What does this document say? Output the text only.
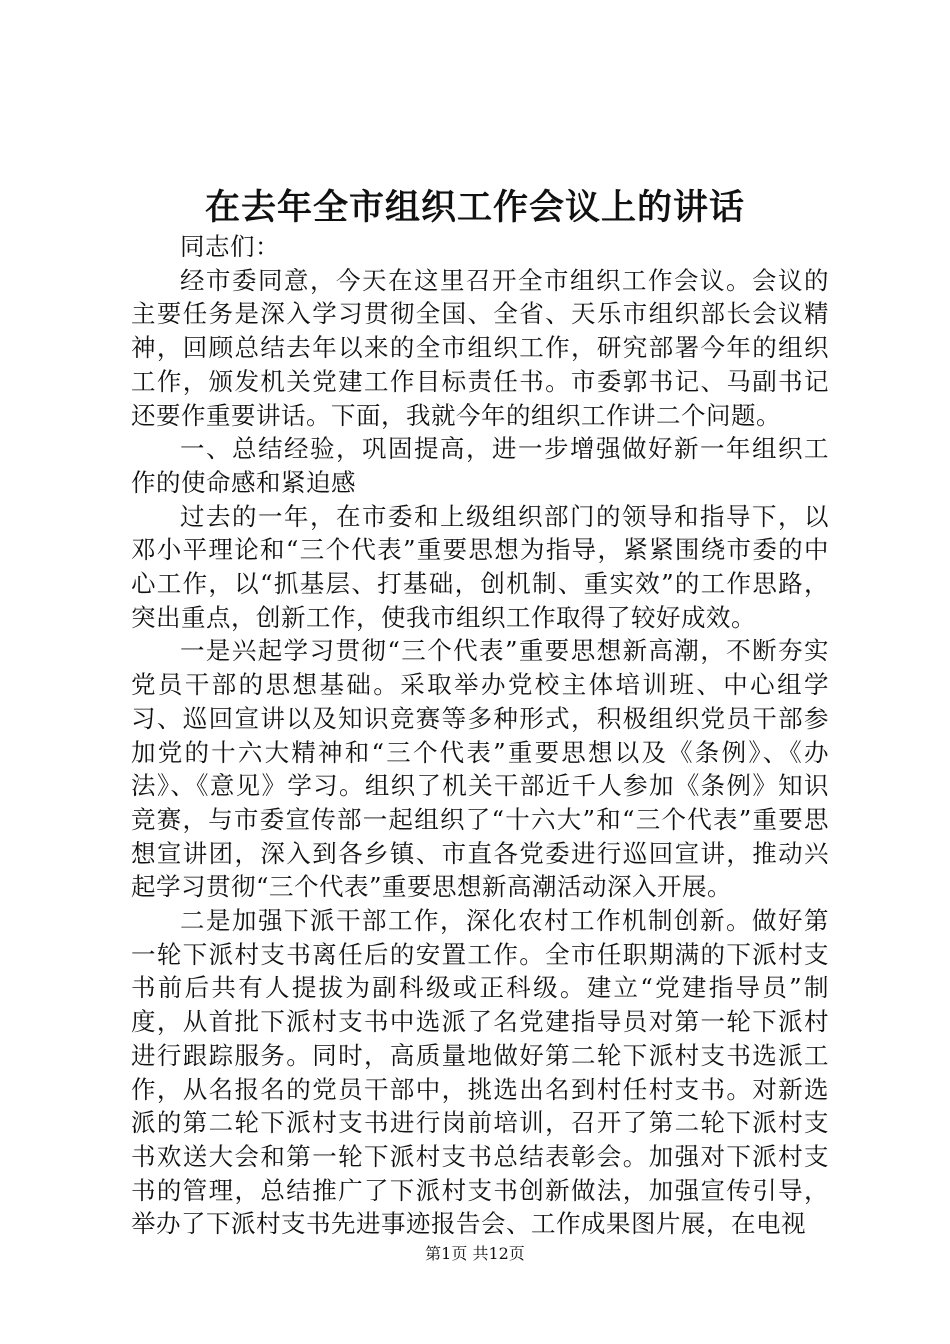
在去年全市组织工作会议上的讲话

同志们：

经市委同意，今天在这里召开全市组织工作会议。会议的主要任务是深入学习贯彻全国、全省、天乐市组织部长会议精神，回顾总结去年以来的全市组织工作，研究部署今年的组织工作，颁发机关党建工作目标责任书。市委郭书记、马副书记还要作重要讲话。下面，我就今年的组织工作讲二个问题。

一、总结经验，巩固提高，进一步增强做好新一年组织工作的使命感和紧迫感

过去的一年，在市委和上级组织部门的领导和指导下，以邓小平理论和“三个代表”重要思想为指导，紧紧围绕市委的中心工作，以“抓基层、打基础，创机制、重实效”的工作思路，突出重点，创新工作，使我市组织工作取得了较好成效。

一是兴起学习贯彻“三个代表”重要思想新高潮，不断夯实党员干部的思想基础。采取举办党校主体培训班、中心组学习、巡回宣讲以及知识竞赛等多种形式，积极组织党员干部参加党的十六大精神和“三个代表”重要思想以及《条例》、《办法》、《意见》学习。组织了机关干部近千人参加《条例》知识竞赛，与市委宣传部一起组织了“十六大”和“三个代表”重要思想宣讲团，深入到各乡镇、市直各党委进行巡回宣讲，推动兴起学习贯彻“三个代表”重要思想新高潮活动深入开展。

二是加强下派干部工作，深化农村工作机制创新。做好第一轮下派村支书离任后的安置工作。全市任职期满的下派村支书前后共有人提拔为副科级或正科级。建立“党建指导员”制度，从首批下派村支书中选派了名党建指导员对第一轮下派村进行跟踪服务。同时，高质量地做好第二轮下派村支书选派工作，从名报名的党员干部中，挑选出名到村任村支书。对新选派的第二轮下派村支书进行岗前培训，召开了第二轮下派村支书欢送大会和第一轮下派村支书总结表彰会。加强对下派村支书的管理，总结推广了下派村支书创新做法，加强宣传引导，举办了下派村支书先进事迹报告会、工作成果图片展，在电视

第1页 共12页
